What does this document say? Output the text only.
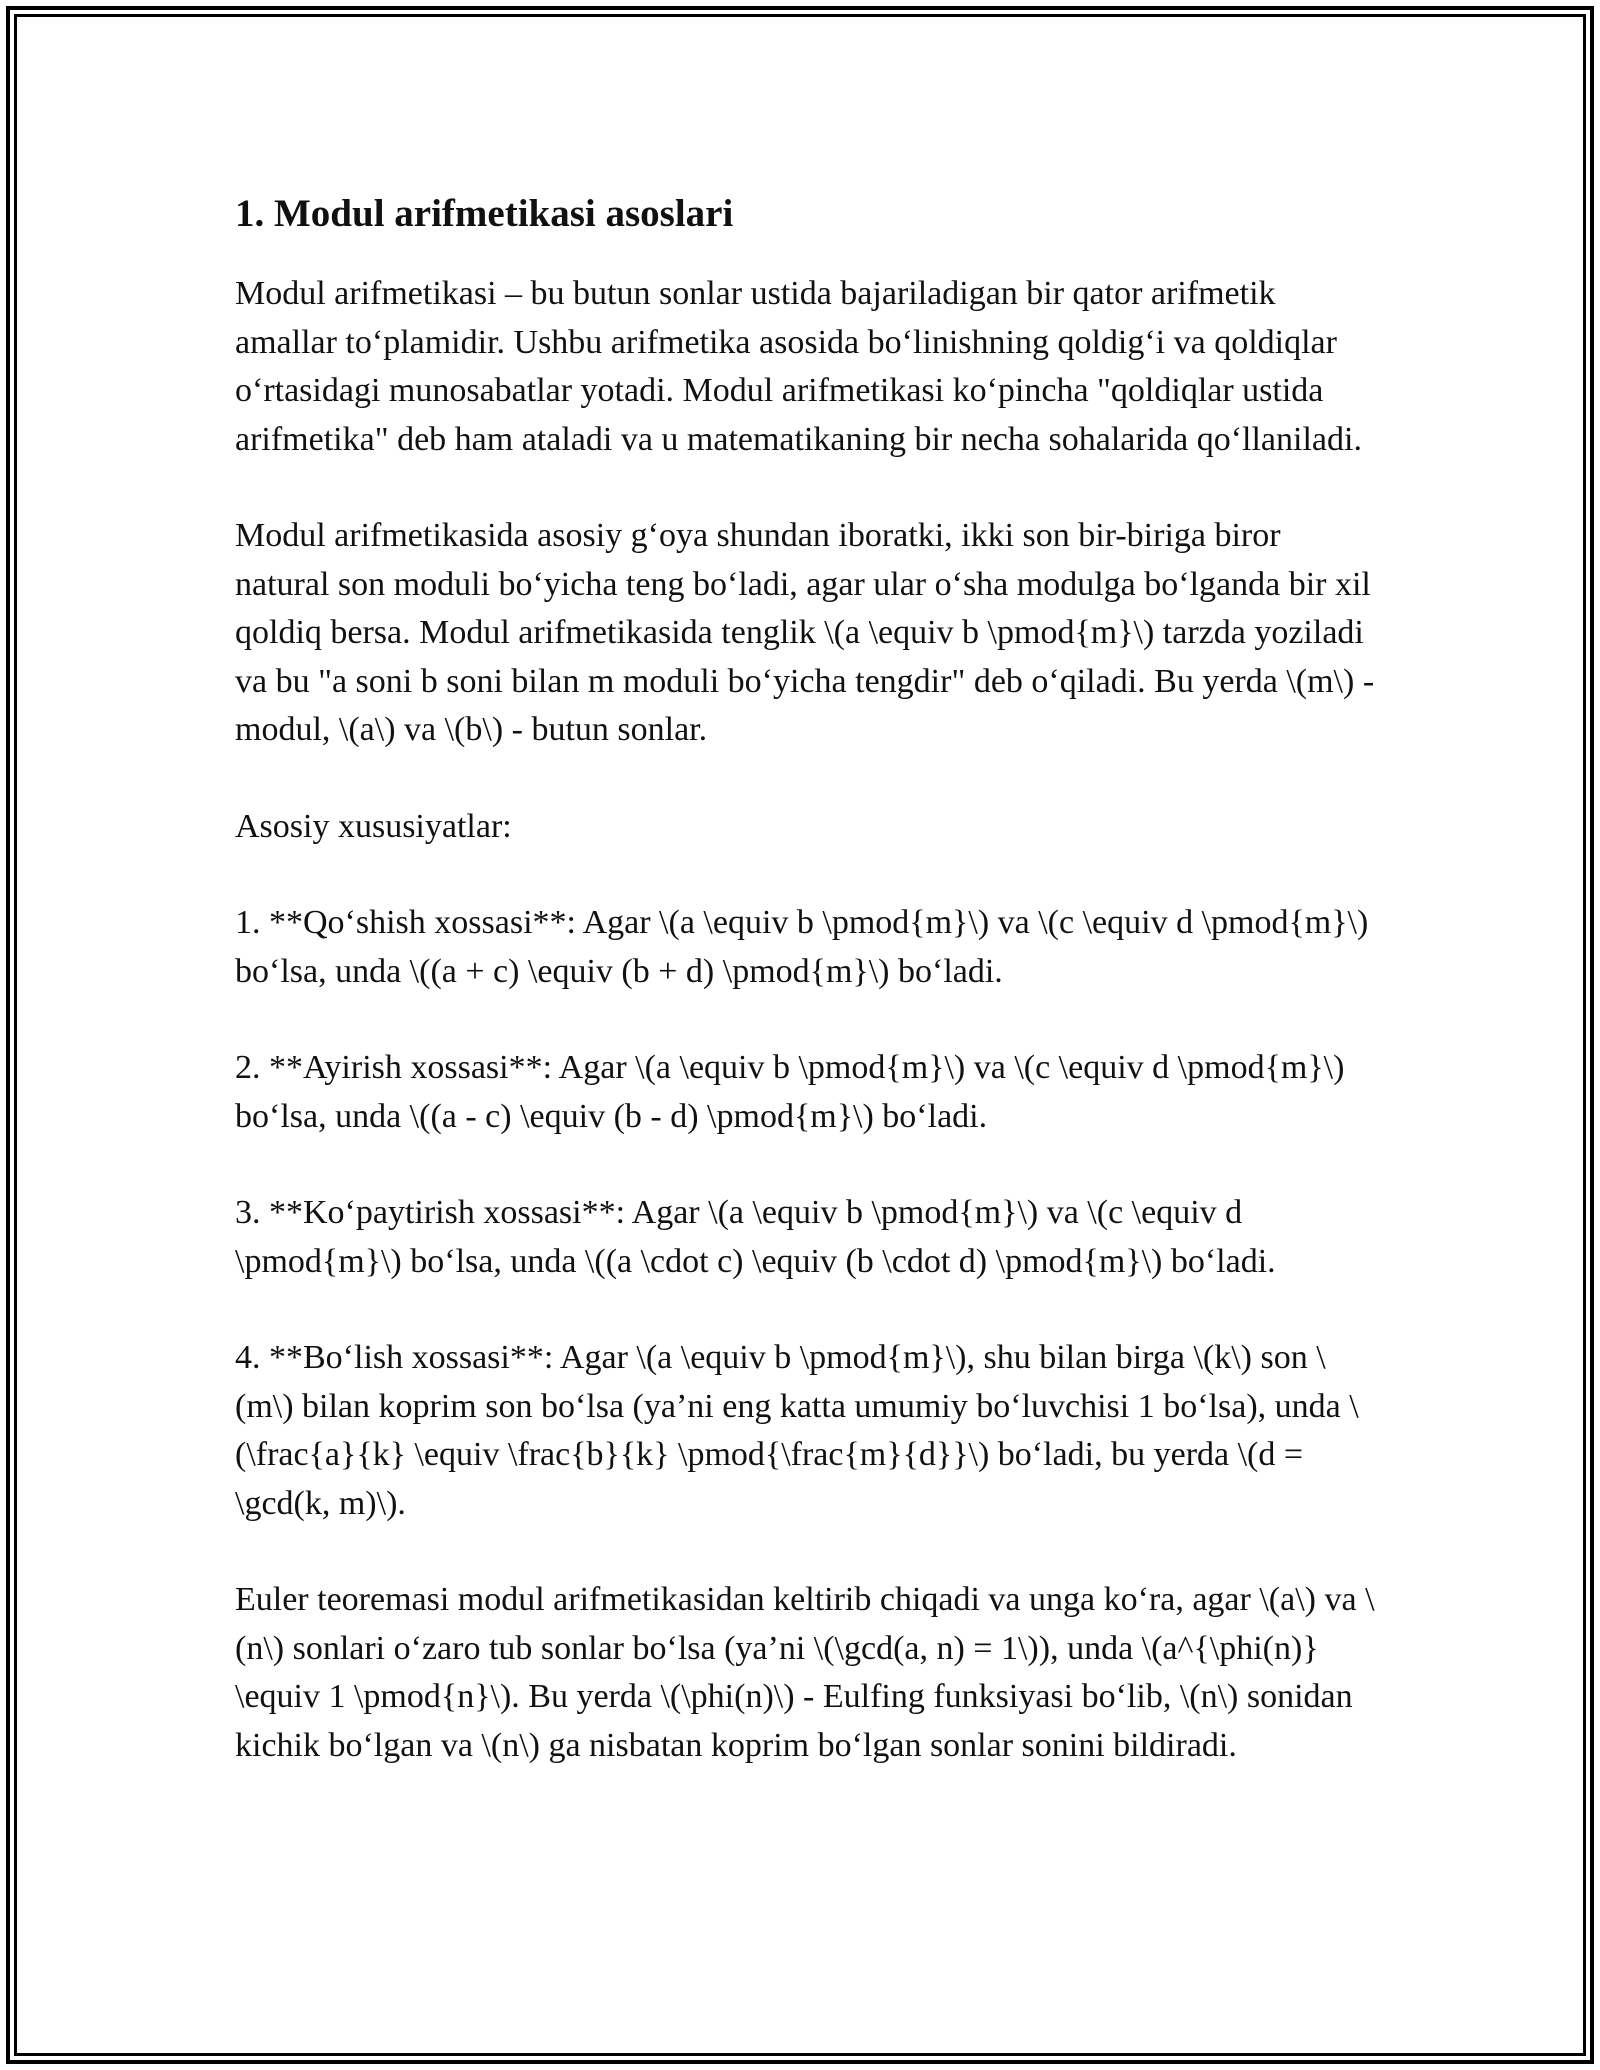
1. Modul arifmetikasi asoslari

Modul arifmetikasi – bu butun sonlar ustida bajariladigan bir qator arifmetik amallar to‘plamidir. Ushbu arifmetika asosida bo‘linishning qoldig‘i va qoldiqlar o‘rtasidagi munosabatlar yotadi. Modul arifmetikasi ko‘pincha "qoldiqlar ustida arifmetika" deb ham ataladi va u matematikaning bir necha sohalarida qo‘llaniladi.

Modul arifmetikasida asosiy g‘oya shundan iboratki, ikki son bir-biriga biror natural son moduli bo‘yicha teng bo‘ladi, agar ular o‘sha modulga bo‘lganda bir xil qoldiq bersa. Modul arifmetikasida tenglik \(a \equiv b \pmod{m}\) tarzda yoziladi va bu "a soni b soni bilan m moduli bo‘yicha tengdir" deb o‘qiladi. Bu yerda \(m\) - modul, \(a\) va \(b\) - butun sonlar.

Asosiy xususiyatlar:

1. **Qo‘shish xossasi**: Agar \(a \equiv b \pmod{m}\) va \(c \equiv d \pmod{m}\) bo‘lsa, unda \((a + c) \equiv (b + d) \pmod{m}\) bo‘ladi.

2. **Ayirish xossasi**: Agar \(a \equiv b \pmod{m}\) va \(c \equiv d \pmod{m}\) bo‘lsa, unda \((a - c) \equiv (b - d) \pmod{m}\) bo‘ladi.

3. **Ko‘paytirish xossasi**: Agar \(a \equiv b \pmod{m}\) va \(c \equiv d \pmod{m}\) bo‘lsa, unda \((a \cdot c) \equiv (b \cdot d) \pmod{m}\) bo‘ladi.

4. **Bo‘lish xossasi**: Agar \(a \equiv b \pmod{m}\), shu bilan birga \(k\) son \(m\) bilan koprim son bo‘lsa (ya’ni eng katta umumiy bo‘luvchisi 1 bo‘lsa), unda \(\frac{a}{k} \equiv \frac{b}{k} \pmod{\frac{m}{d}}\) bo‘ladi, bu yerda \(d = \gcd(k, m)\).

Euler teoremasi modul arifmetikasidan keltirib chiqadi va unga ko‘ra, agar \(a\) va \(n\) sonlari o‘zaro tub sonlar bo‘lsa (ya’ni \(\gcd(a, n) = 1\)), unda \(a^{\phi(n)} \equiv 1 \pmod{n}\). Bu yerda \(\phi(n)\) - Eulfing funksiyasi bo‘lib, \(n\) sonidan kichik bo‘lgan va \(n\) ga nisbatan koprim bo‘lgan sonlar sonini bildiradi.
